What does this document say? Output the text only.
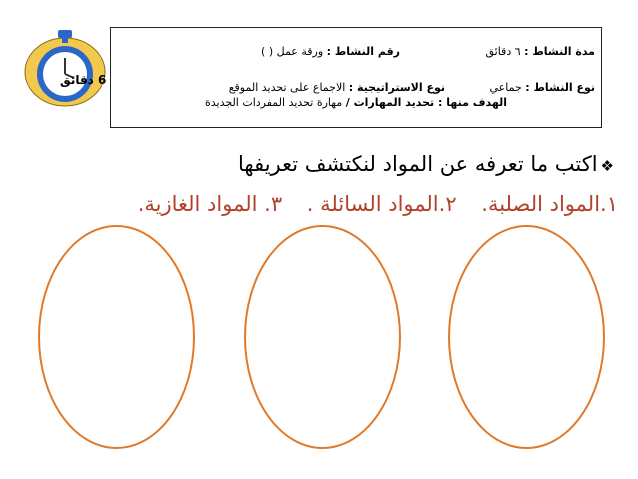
6 دقائق
مدة النشاط : ٦ دقائق
رقم النشاط : ورقة عمل ( )
نوع النشاط : جماعي
نوع الاستراتيجية : الاجماع على تحديد الموقع
الهدف منها : تحديد المهارات / مهارة تحديد المفردات الجديدة
❖اكتب ما تعرفه عن المواد لنكتشف تعريفها
١.المواد الصلبة. ٢.المواد السائلة . ٣. المواد الغازية.
